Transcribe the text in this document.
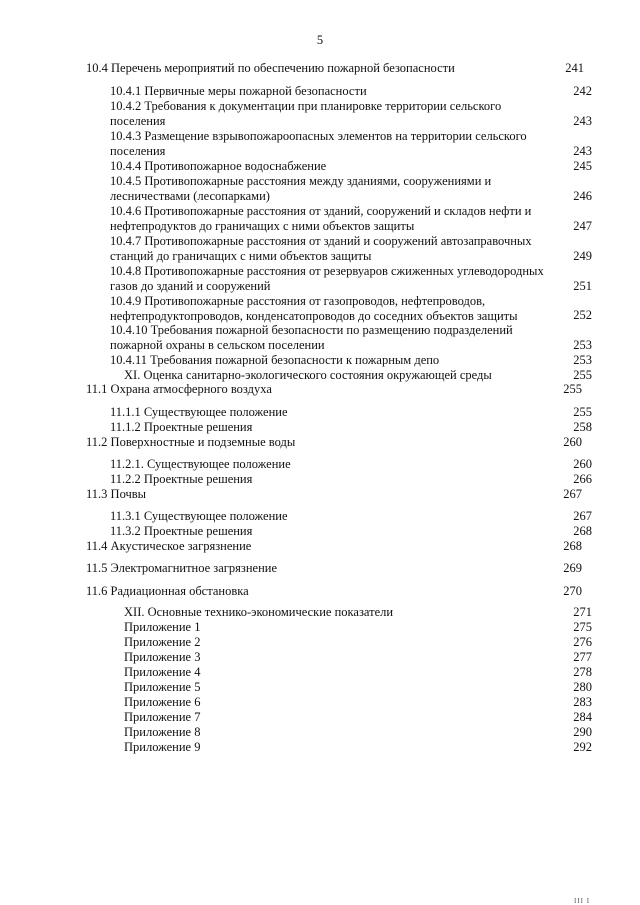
5
10.4 Перечень мероприятий по обеспечению пожарной безопасности	241
10.4.1 Первичные меры пожарной безопасности	242
10.4.2 Требования к документации при планировке территории сельского поселения	243
10.4.3 Размещение взрывопожароопасных элементов на территории сельского поселения	243
10.4.4 Противопожарное водоснабжение	245
10.4.5 Противопожарные расстояния между зданиями, сооружениями и лесничествами (лесопарками)	246
10.4.6 Противопожарные расстояния от зданий, сооружений и складов нефти и нефтепродуктов до граничащих с ними объектов защиты	247
10.4.7 Противопожарные расстояния от зданий и сооружений автозаправочных станций до граничащих с ними объектов защиты	249
10.4.8 Противопожарные расстояния от резервуаров сжиженных углеводородных газов до зданий и сооружений	251
10.4.9 Противопожарные расстояния от газопроводов, нефтепроводов, нефтепродуктопроводов, конденсатопроводов до соседних объектов защиты	252
10.4.10 Требования пожарной безопасности по размещению подразделений пожарной охраны в сельском поселении	253
10.4.11 Требования пожарной безопасности к пожарным депо	253
XI. Оценка санитарно-экологического состояния окружающей среды	255
11.1 Охрана атмосферного воздуха	255
11.1.1 Существующее положение	255
11.1.2 Проектные решения	258
11.2 Поверхностные и подземные воды	260
11.2.1. Существующее положение	260
11.2.2 Проектные решения	266
11.3 Почвы	267
11.3.1 Существующее положение	267
11.3.2 Проектные решения	268
11.4 Акустическое загрязнение	268
11.5 Электромагнитное загрязнение	269
11.6 Радиационная обстановка	270
XII. Основные технико-экономические показатели	271
Приложение 1	275
Приложение 2	276
Приложение 3	277
Приложение 4	278
Приложение 5	280
Приложение 6	283
Приложение 7	284
Приложение 8	290
Приложение 9	292
III I
